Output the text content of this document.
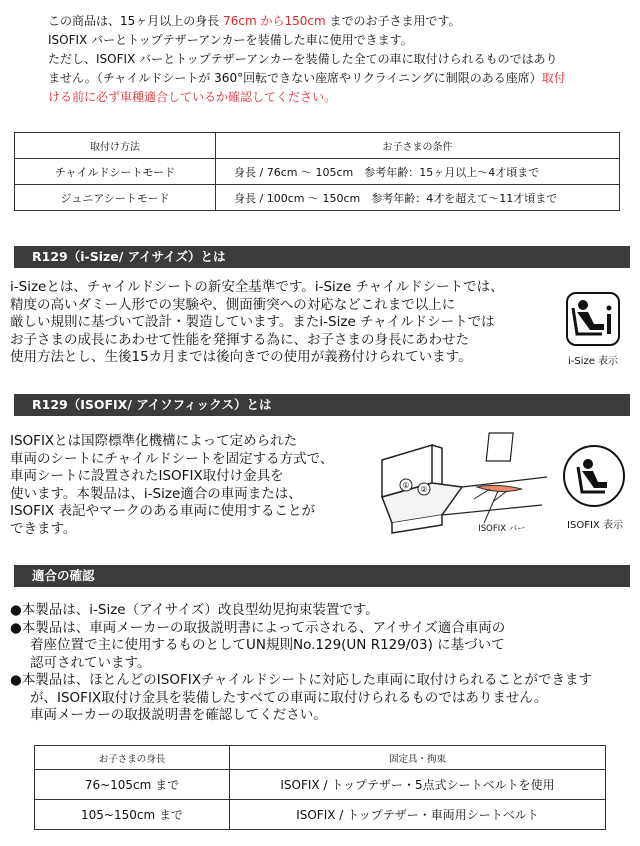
この商品は、15ヶ月以上の身長 76cm から150cm までのお子さま用です。

ISOFIX バーとトップテザーアンカーを装備した車に使用できます。

ただし、ISOFIX バーとトップテザーアンカーを装備した全ての車に取付けられるものではあり

ません。（チャイルドシートが 360°回転できない座席やリクライニングに制限のある座席）取付

ける前に必ず車種適合しているか確認してください。

取付け方法	お子さまの条件
チャイルドシートモード	身長 / 76cm ～ 105cm　参考年齢：15ヶ月以上～4才頃まで
ジュニアシートモード	身長 / 100cm ～ 150cm　参考年齢：4才を超えて～11才頃まで
R129（i-Size/ アイサイズ）とは

i-Sizeとは、チャイルドシートの新安全基準です。i-Size チャイルドシートでは、

精度の高いダミー人形での実験や、側面衝突への対応などこれまで以上に

厳しい規則に基づいて設計・製造しています。またi-Size チャイルドシートでは

お子さまの成長にあわせて性能を発揮する為に、お子さまの身長にあわせた

使用方法とし、生後15カ月までは後向きでの使用が義務付けられています。	i-Size 表示
R129（ISOFIX/ アイソフィックス）とは

ISOFIXとは国際標準化機構によって定められた

車両のシートにチャイルドシートを固定する方式で、

車両シートに設置されたISOFIX取付け金具を

使います。本製品は、i-Size適合の車両または、

ISOFIX 表記やマークのある車両に使用することが

できます。

① ②
ISOFIX バー	ISOFIX 表示
適合の確認

●本製品は、i-Size（アイサイズ）改良型幼児拘束装置です。

●本製品は、車両メーカーの取扱説明書によって示される、アイサイズ適合車両の

着座位置で主に使用するものとしてUN規則No.129(UN R129/03) に基づいて

認可されています。

●本製品は、ほとんどのISOFIXチャイルドシートに対応した車両に取付けられることができます

が、ISOFIX取付け金具を装備したすべての車両に取付けられるものではありません。

車両メーカーの取扱説明書を確認してください。

お子さまの身長	固定具・拘束
76~105cm まで	ISOFIX / トップテザー・5点式シートベルトを使用
105~150cm まで	ISOFIX / トップテザー・車両用シートベルト
